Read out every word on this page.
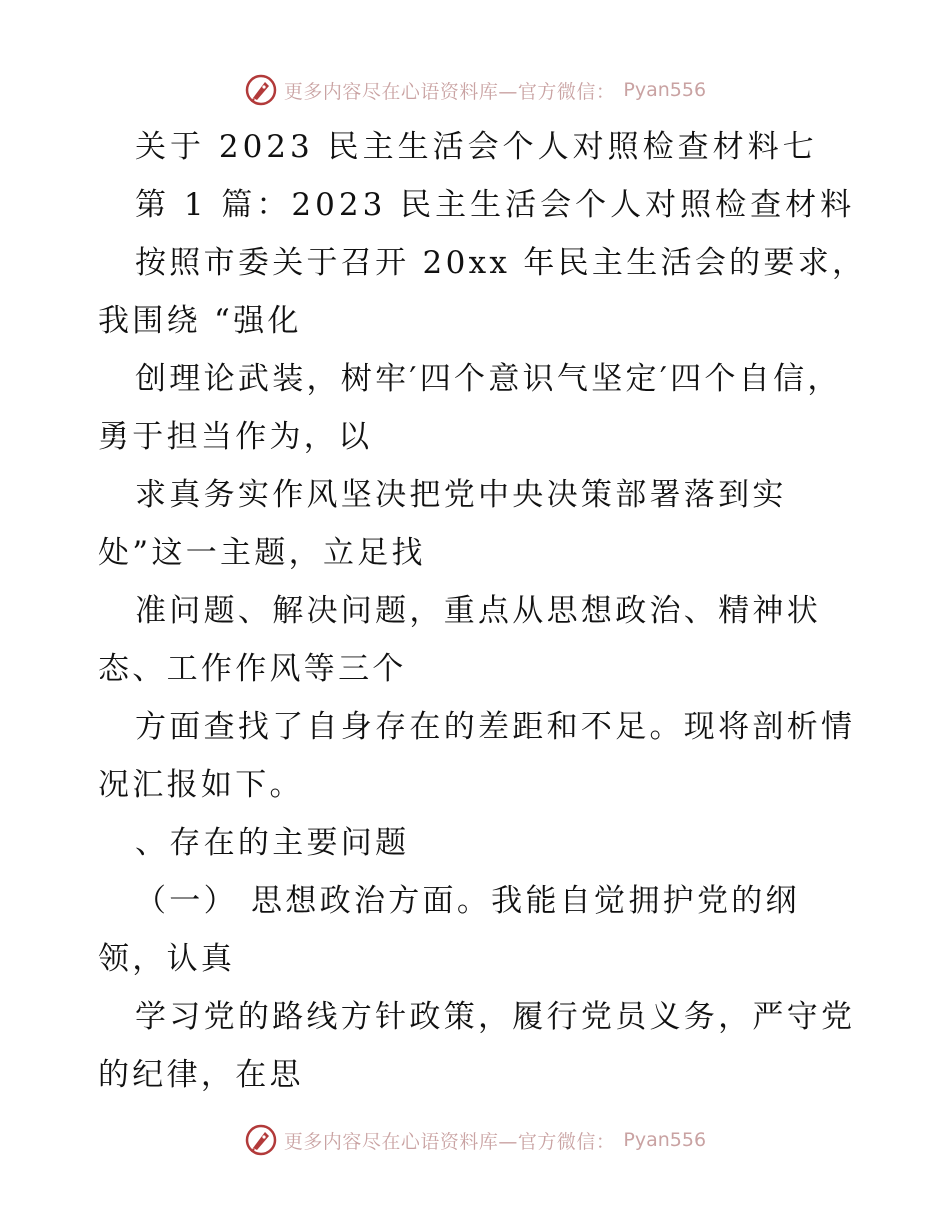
更多内容尽在心语资料库—官方微信： Pyan556
关于 2023 民主生活会个人对照检查材料七
第 1 篇：2023 民主生活会个人对照检查材料
按照市委关于召开 20xx 年民主生活会的要求，
我围绕 “强化
创理论武装，树牢′四个意识气坚定′四个自信，
勇于担当作为，以
求真务实作风坚决把党中央决策部署落到实
处”这一主题，立足找
准问题、解决问题，重点从思想政治、精神状
态、工作作风等三个
方面查找了自身存在的差距和不足。现将剖析情
况汇报如下。
、存在的主要问题
（一） 思想政治方面。我能自觉拥护党的纲
领，认真
学习党的路线方针政策，履行党员义务，严守党
的纪律，在思
更多内容尽在心语资料库—官方微信： Pyan556
